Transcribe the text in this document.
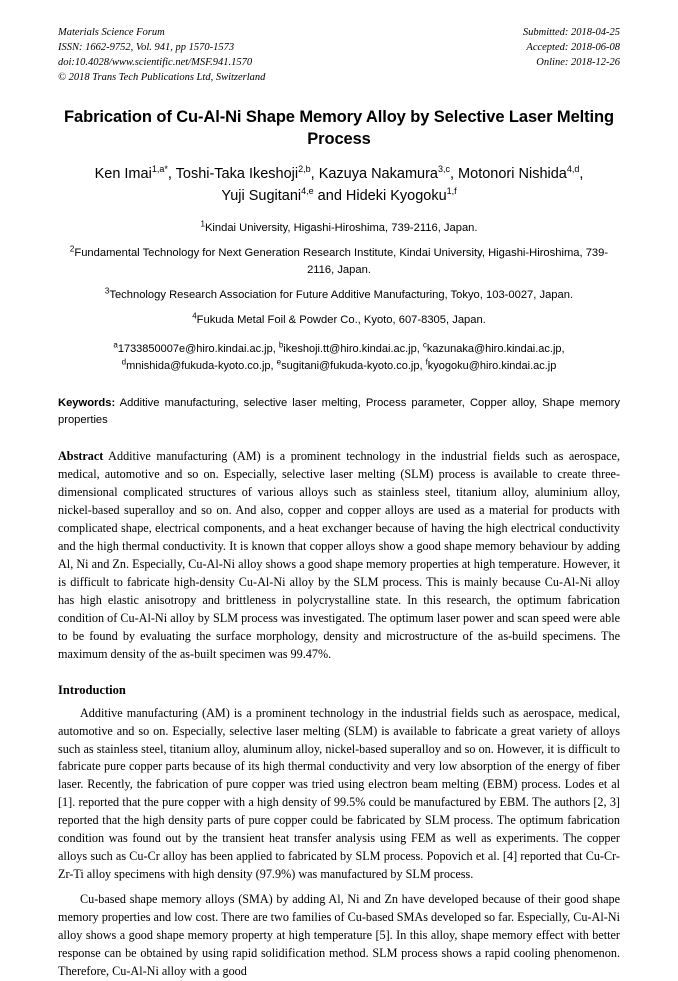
Materials Science Forum
ISSN: 1662-9752, Vol. 941, pp 1570-1573
doi:10.4028/www.scientific.net/MSF.941.1570
© 2018 Trans Tech Publications Ltd, Switzerland
Submitted: 2018-04-25
Accepted: 2018-06-08
Online: 2018-12-26
Fabrication of Cu-Al-Ni Shape Memory Alloy by Selective Laser Melting Process
Ken Imai$^{1,a*}$, Toshi-Taka Ikeshoji$^{2,b}$, Kazuya Nakamura$^{3,c}$, Motonori Nishida$^{4,d}$,
Yuji Sugitani$^{4,e}$ and Hideki Kyogoku$^{1,f}$
$^1$Kindai University, Higashi-Hiroshima, 739-2116, Japan.
$^2$Fundamental Technology for Next Generation Research Institute, Kindai University, Higashi-Hiroshima, 739-2116, Japan.
$^3$Technology Research Association for Future Additive Manufacturing, Tokyo, 103-0027, Japan.
$^4$Fukuda Metal Foil & Powder Co., Kyoto, 607-8305, Japan.
$^a$1733850007e@hiro.kindai.ac.jp, $^b$ikeshoji.tt@hiro.kindai.ac.jp, $^c$kazunaka@hiro.kindai.ac.jp,
$^d$mnishida@fukuda-kyoto.co.jp, $^e$sugitani@fukuda-kyoto.co.jp, $^f$kyogoku@hiro.kindai.ac.jp
Keywords: Additive manufacturing, selective laser melting, Process parameter, Copper alloy, Shape memory properties
Abstract Additive manufacturing (AM) is a prominent technology in the industrial fields such as aerospace, medical, automotive and so on. Especially, selective laser melting (SLM) process is available to create three-dimensional complicated structures of various alloys such as stainless steel, titanium alloy, aluminium alloy, nickel-based superalloy and so on. And also, copper and copper alloys are used as a material for products with complicated shape, electrical components, and a heat exchanger because of having the high electrical conductivity and the high thermal conductivity. It is known that copper alloys show a good shape memory behaviour by adding Al, Ni and Zn. Especially, Cu-Al-Ni alloy shows a good shape memory properties at high temperature. However, it is difficult to fabricate high-density Cu-Al-Ni alloy by the SLM process. This is mainly because Cu-Al-Ni alloy has high elastic anisotropy and brittleness in polycrystalline state. In this research, the optimum fabrication condition of Cu-Al-Ni alloy by SLM process was investigated. The optimum laser power and scan speed were able to be found by evaluating the surface morphology, density and microstructure of the as-build specimens. The maximum density of the as-built specimen was 99.47%.
Introduction
Additive manufacturing (AM) is a prominent technology in the industrial fields such as aerospace, medical, automotive and so on. Especially, selective laser melting (SLM) is available to fabricate a great variety of alloys such as stainless steel, titanium alloy, aluminum alloy, nickel-based superalloy and so on. However, it is difficult to fabricate pure copper parts because of its high thermal conductivity and very low absorption of the energy of fiber laser. Recently, the fabrication of pure copper was tried using electron beam melting (EBM) process. Lodes et al [1]. reported that the pure copper with a high density of 99.5% could be manufactured by EBM. The authors [2, 3] reported that the high density parts of pure copper could be fabricated by SLM process. The optimum fabrication condition was found out by the transient heat transfer analysis using FEM as well as experiments. The copper alloys such as Cu-Cr alloy has been applied to fabricated by SLM process. Popovich et al. [4] reported that Cu-Cr-Zr-Ti alloy specimens with high density (97.9%) was manufactured by SLM process.
Cu-based shape memory alloys (SMA) by adding Al, Ni and Zn have developed because of their good shape memory properties and low cost. There are two families of Cu-based SMAs developed so far. Especially, Cu-Al-Ni alloy shows a good shape memory property at high temperature [5]. In this alloy, shape memory effect with better response can be obtained by using rapid solidification method. SLM process shows a rapid cooling phenomenon. Therefore, Cu-Al-Ni alloy with a good
